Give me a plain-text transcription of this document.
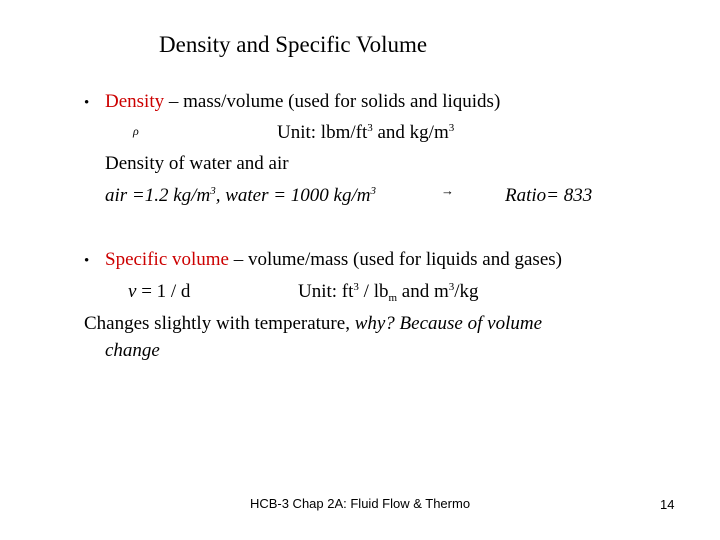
Density and Specific Volume
• Density – mass/volume (used for solids and liquids)
ρ	Unit: lbm/$ft^3$ and $kg/m^3$
Density of water and air
air =1.2 $kg/m^3$, water = 1000 $kg/m^3$	→	Ratio= 833
• Specific volume – volume/mass (used for liquids and gases)
v = 1 / d	Unit: $ft^3 / lb_m$ and $m^3/kg$
Changes slightly with temperature, why? Because of volume
change
HCB-3 Chap 2A: Fluid Flow & Thermo	14
